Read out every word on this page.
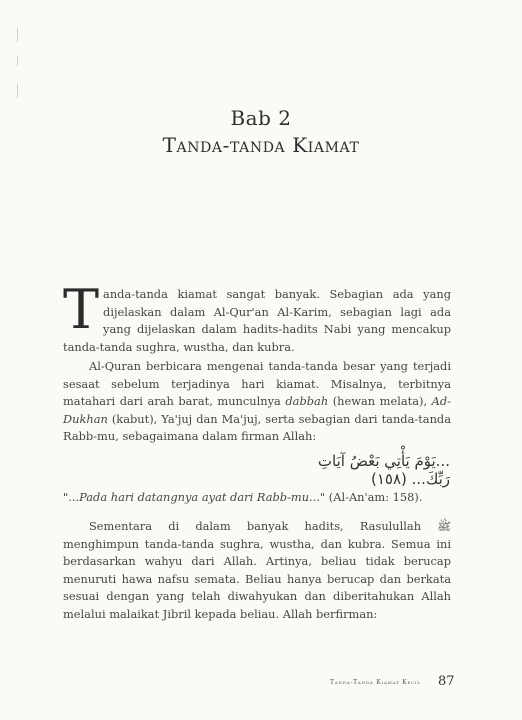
Bab 2
Tanda-tanda Kiamat
T anda-tanda kiamat sangat banyak. Sebagian ada yang dijelaskan dalam Al-Qur'an Al-Karim, sebagian lagi ada yang dijelaskan dalam hadits-hadits Nabi yang mencakup tanda-tanda sughra, wustha, dan kubra.

Al-Quran berbicara mengenai tanda-tanda besar yang terjadi sesaat sebelum terjadinya hari kiamat. Misalnya, terbitnya matahari dari arah barat, munculnya dabbah (hewan melata), Ad-Dukhan (kabut), Ya'juj dan Ma'juj, serta sebagian dari tanda-tanda Rabb-mu, sebagaimana dalam firman Allah:
...يَوْمَ يَأْتِي بَعْضُ آيَاتِ رَبِّكَ... (١٥٨)
"...Pada hari datangnya ayat dari Rabb-mu..." (Al-An'am: 158).
Sementara di dalam banyak hadits, Rasulullah ﷺ menghimpun tanda-tanda sughra, wustha, dan kubra. Semua ini berdasarkan wahyu dari Allah. Artinya, beliau tidak berucap menuruti hawa nafsu semata. Beliau hanya berucap dan berkata sesuai dengan yang telah diwahyukan dan diberitahukan Allah melalui malaikat Jibril kepada beliau. Allah berfirman:
Tanda-Tanda Kiamat Kecil 87
